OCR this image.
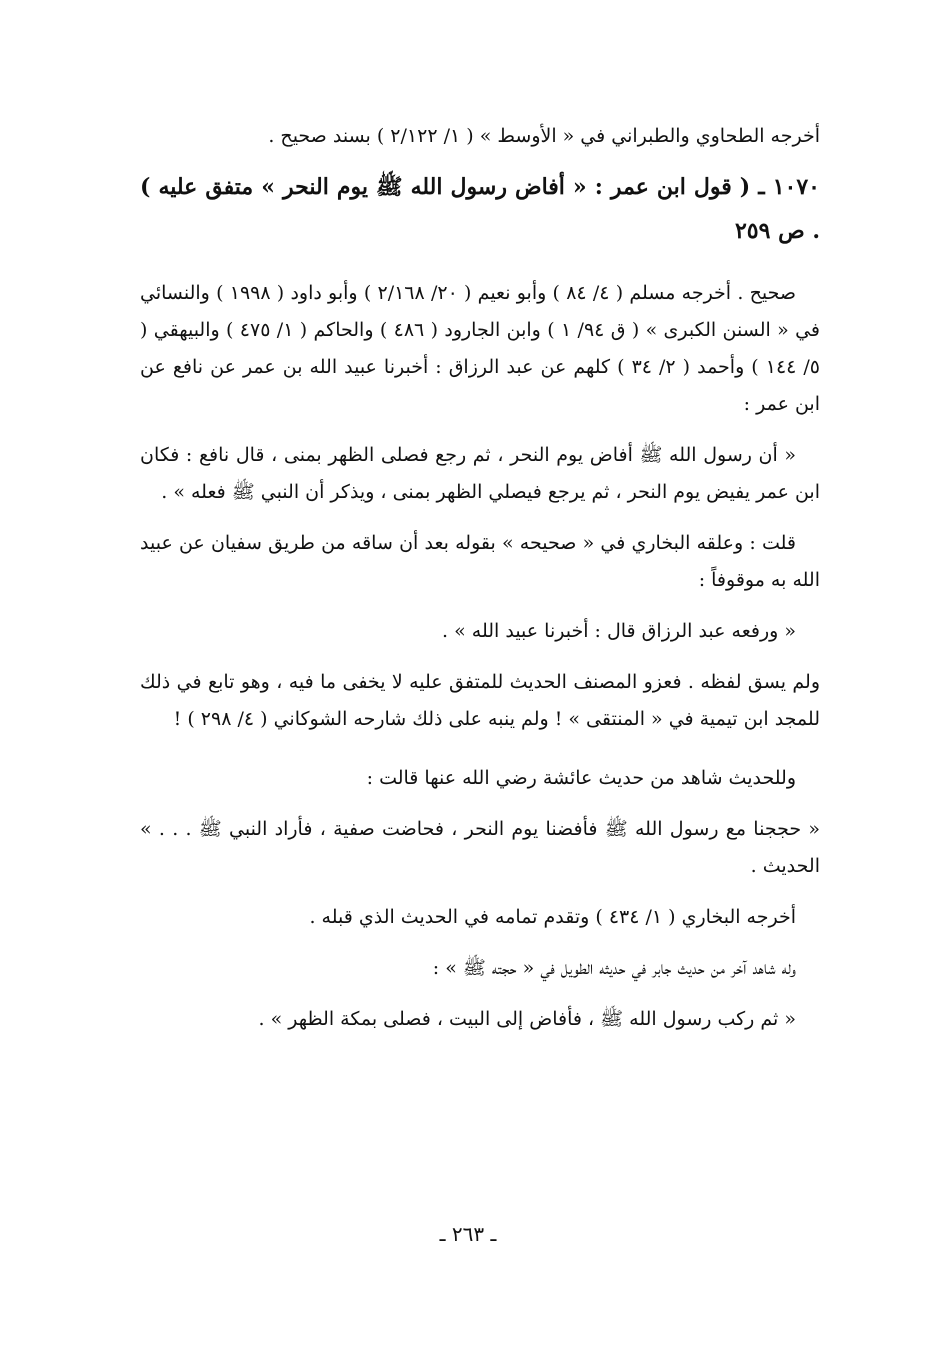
أخرجه الطحاوي والطبراني في « الأوسط » ( ١/ ٢/١٢٢ ) بسند صحيح .

١٠٧٠ ـ ( قول ابن عمر : « أفاض رسول الله ﷺ يوم النحر » متفق عليه ) . ص ٢٥٩

صحيح . أخرجه مسلم ( ٤/ ٨٤ ) وأبو نعيم ( ٢٠/ ٢/١٦٨ ) وأبو داود ( ١٩٩٨ ) والنسائي في « السنن الكبرى » ( ق ٩٤/ ١ ) وابن الجارود ( ٤٨٦ ) والحاكم ( ١/ ٤٧٥ ) والبيهقي ( ٥/ ١٤٤ ) وأحمد ( ٢/ ٣٤ ) كلهم عن عبد الرزاق : أخبرنا عبيد الله بن عمر عن نافع عن ابن عمر :

« أن رسول الله ﷺ أفاض يوم النحر ، ثم رجع فصلى الظهر بمنى ، قال نافع : فكان ابن عمر يفيض يوم النحر ، ثم يرجع فيصلي الظهر بمنى ، ويذكر أن النبي ﷺ فعله » .

قلت : وعلقه البخاري في « صحيحه » بقوله بعد أن ساقه من طريق سفيان عن عبيد الله به موقوفاً :

« ورفعه عبد الرزاق قال : أخبرنا عبيد الله » .

ولم يسق لفظه . فعزو المصنف الحديث للمتفق عليه لا يخفى ما فيه ، وهو تابع في ذلك للمجد ابن تيمية في « المنتقى » ! ولم ينبه على ذلك شارحه الشوكاني ( ٤/ ٢٩٨ ) !

وللحديث شاهد من حديث عائشة رضي الله عنها قالت :

« حججنا مع رسول الله ﷺ فأفضنا يوم النحر ، فحاضت صفية ، فأراد النبي ﷺ . . . » الحديث .

أخرجه البخاري ( ١/ ٤٣٤ ) وتقدم تمامه في الحديث الذي قبله .

وله شاهد آخر من حديث جابر في حديثه الطويل في « حجته ﷺ » :

« ثم ركب رسول الله ﷺ ، فأفاض إلى البيت ، فصلى بمكة الظهر » .

ـ ٢٦٣ ـ
